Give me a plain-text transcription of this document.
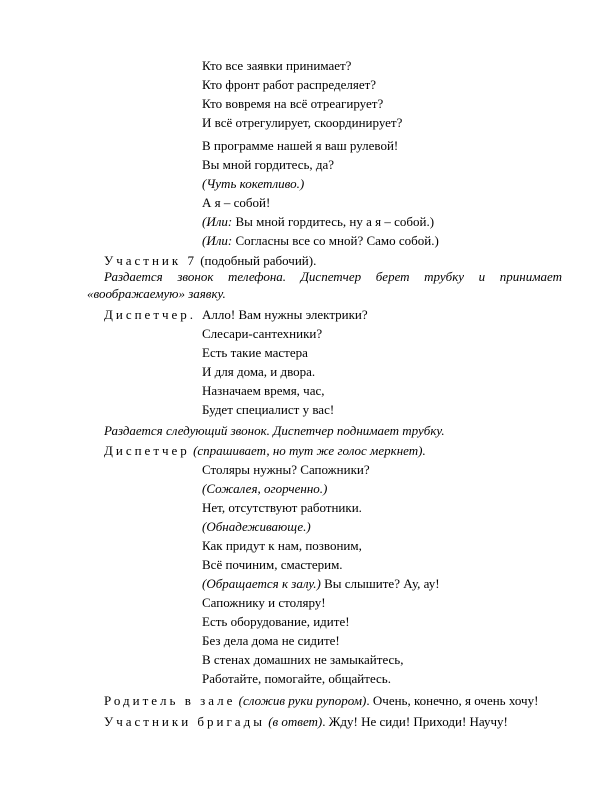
Кто все заявки принимает?
Кто фронт работ распределяет?
Кто вовремя на всё отреагирует?
И всё отрегулирует, скоординирует?
В программе нашей я ваш рулевой!
Вы мной гордитесь, да?
(Чуть кокетливо.)
А я – собой!
(Или: Вы мной гордитесь, ну а я – собой.)
(Или: Согласны все со мной? Само собой.)
Участник 7 (подобный рабочий).
Раздается звонок телефона. Диспетчер берет трубку и принимает
«воображаемую» заявку.
Диспетчер. Алло! Вам нужны электрики?
Слесари-сантехники?
Есть такие мастера
И для дома, и двора.
Назначаем время, час,
Будет специалист у вас!
Раздается следующий звонок. Диспетчер поднимает трубку.
Диспетчер (спрашивает, но тут же голос меркнет).
Столяры нужны? Сапожники?
(Сожалея, огорченно.)
Нет, отсутствуют работники.
(Обнадеживающе.)
Как придут к нам, позвоним,
Всё починим, смастерим.
(Обращается к залу.) Вы слышите? Ау, ау!
Сапожнику и столяру!
Есть оборудование, идите!
Без дела дома не сидите!
В стенах домашних не замыкайтесь,
Работайте, помогайте, общайтесь.
Родитель в зале (сложив руки рупором). Очень, конечно, я очень хочу!
Участники бригады (в ответ). Жду! Не сиди! Приходи! Научу!
